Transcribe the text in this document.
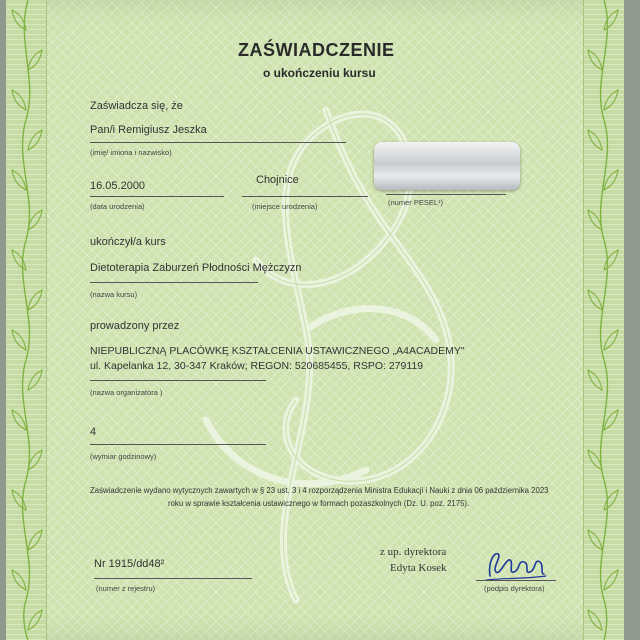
ZAŚWIADCZENIE
o ukończeniu kursu
Zaświadcza się, że
Pan/i Remigiusz Jeszka
(imię/ imiona i nazwisko)
16.05.2000
(data urodzenia)
Chojnice
(miejsce urodzenia)	(numer PESEL¹)
ukończył/a kurs
Dietoterapia Zaburzeń Płodności Mężczyzn
(nazwa kursu)
prowadzony przez
NIEPUBLICZNĄ PLACÓWKĘ KSZTAŁCENIA USTAWICZNEGO „A4ACADEMY"
ul. Kapelanka 12, 30-347 Kraków; REGON: 520685455, RSPO: 279119
(nazwa organizatora )
4
(wymiar godzinowy)
Zaświadczenie wydano wytycznych zawartych w § 23 ust. 3 i 4 rozporządzenia Ministra Edukacji i Nauki z dnia 06 października 2023
roku w sprawie kształcenia ustawicznego w formach pozaszkolnych (Dz. U. poz. 2175).
Nr 1915/dd48²
(numer z rejestru)
z up. dyrektora
Edyta Kosek
(podpis dyrektora)
